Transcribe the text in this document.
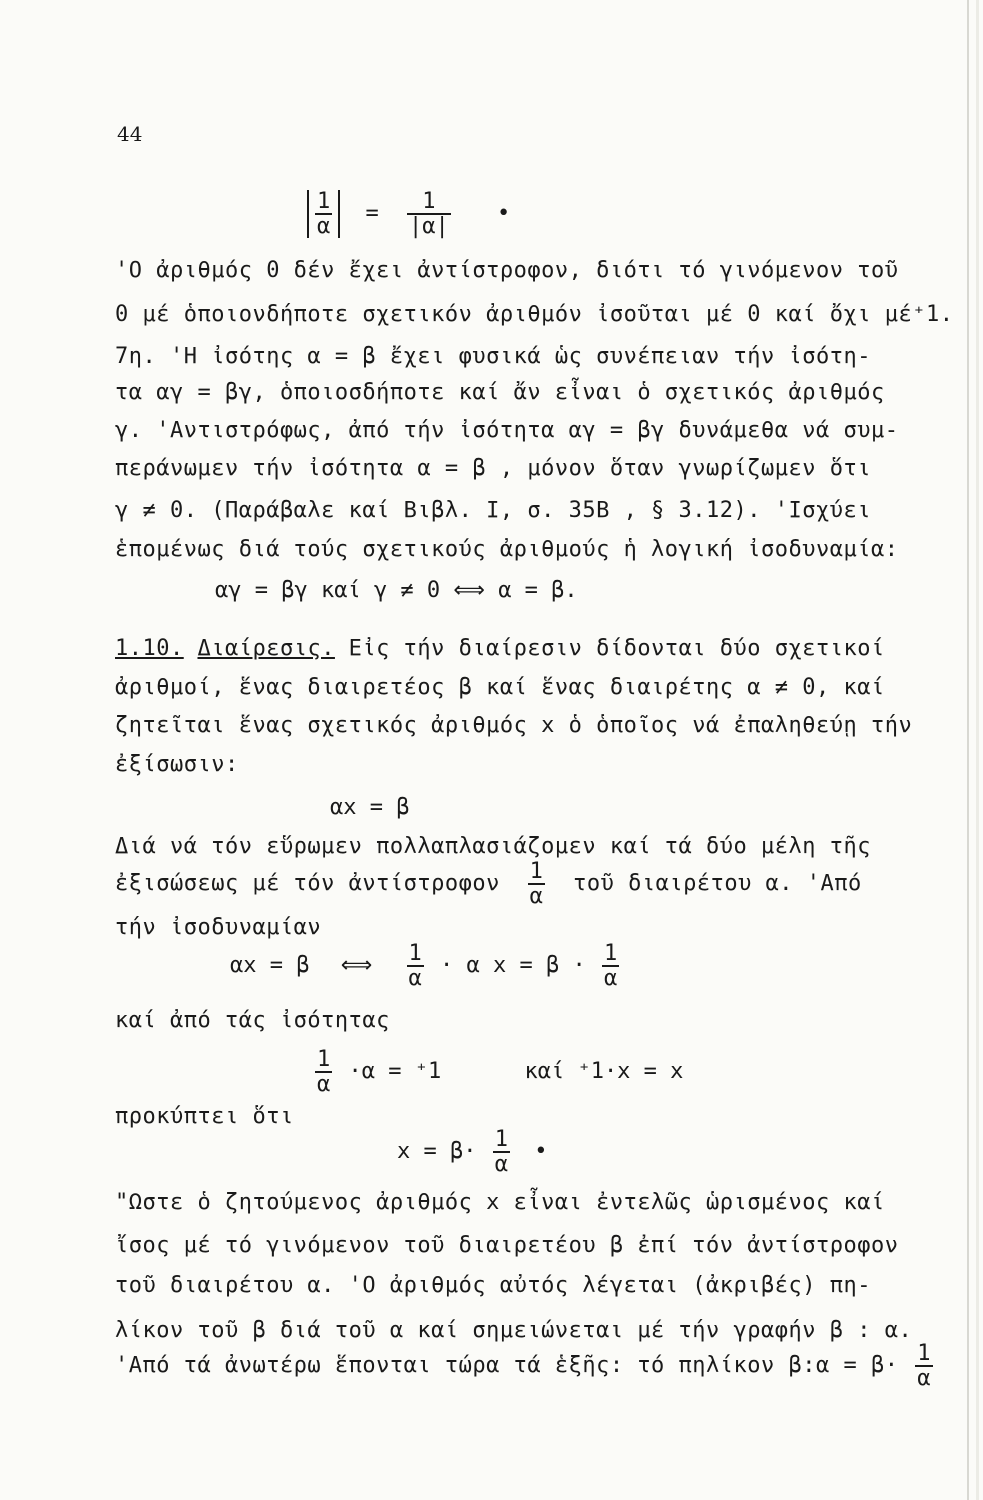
44
$\frac{1}{\alpha} = \frac{1}{|\alpha|}$ •
'Ο ἀριθμός 0 δέν ἔχει ἀντίστροφον, διότι τό γινόμενον τοῦ
0 μέ ὁποιονδήποτε σχετικόν ἀριθμόν ἰσοῦται μέ 0 καί ὄχι μέ⁺1.
7η. 'Η ἰσότης α = β ἔχει φυσικά ὡς συνέπειαν τήν ἰσότη-
τα αγ = βγ, ὁποιοσδήποτε καί ἄν εἶναι ὁ σχετικός ἀριθμός
γ. 'Αντιστρόφως, ἀπό τήν ἰσότητα αγ = βγ δυνάμεθα νά συμ-
περάνωμεν τήν ἰσότητα α = β , μόνον ὅταν γνωρίζωμεν ὅτι
γ ≠ 0. (Παράβαλε καί Βιβλ. Ι, σ. 35Β , § 3.12). 'Ισχύει
ἑπομένως διά τούς σχετικούς ἀριθμούς ἡ λογική ἰσοδυναμία:
αγ = βγ καί γ ≠ 0 ⟺ α = β.
1.10. Διαίρεσις. Εἰς τήν διαίρεσιν δίδονται δύο σχετικοί
ἀριθμοί, ἕνας διαιρετέος β καί ἕνας διαιρέτης α ≠ 0, καί
ζητεῖται ἕνας σχετικός ἀριθμός x ὁ ὁποῖος νά ἐπαληθεύῃ τήν
ἐξίσωσιν:
αx = β
Διά νά τόν εὕρωμεν πολλαπλασιάζομεν καί τά δύο μέλη τῆς
ἐξισώσεως μέ τόν ἀντίστροφον $\frac{1}{\alpha}$ τοῦ διαιρέτου α. 'Από
τήν ἰσοδυναμίαν
αx = β ⟺ $\frac{1}{\alpha} \cdot \alpha$ $x = \beta \cdot \frac{1}{\alpha}$
καί ἀπό τάς ἰσότητας
$\frac{1}{\alpha} \cdot\alpha = ^+1$	καί ⁺1·x = x
προκύπτει ὅτι
$x = \beta\cdot \frac{1}{\alpha}$ •
"Ωστε ὁ ζητούμενος ἀριθμός x εἶναι ἐντελῶς ὡρισμένος καί
ἴσος μέ τό γινόμενον τοῦ διαιρετέου β ἐπί τόν ἀντίστροφον
τοῦ διαιρέτου α. 'Ο ἀριθμός αὐτός λέγεται (ἀκριβές) πη-
λίκον τοῦ β διά τοῦ α καί σημειώνεται μέ τήν γραφήν β : α.
'Από τά ἀνωτέρω ἕπονται τώρα τά ἑξῆς: τό πηλίκον β:α = $\beta\cdot \frac{1}{\alpha}$
